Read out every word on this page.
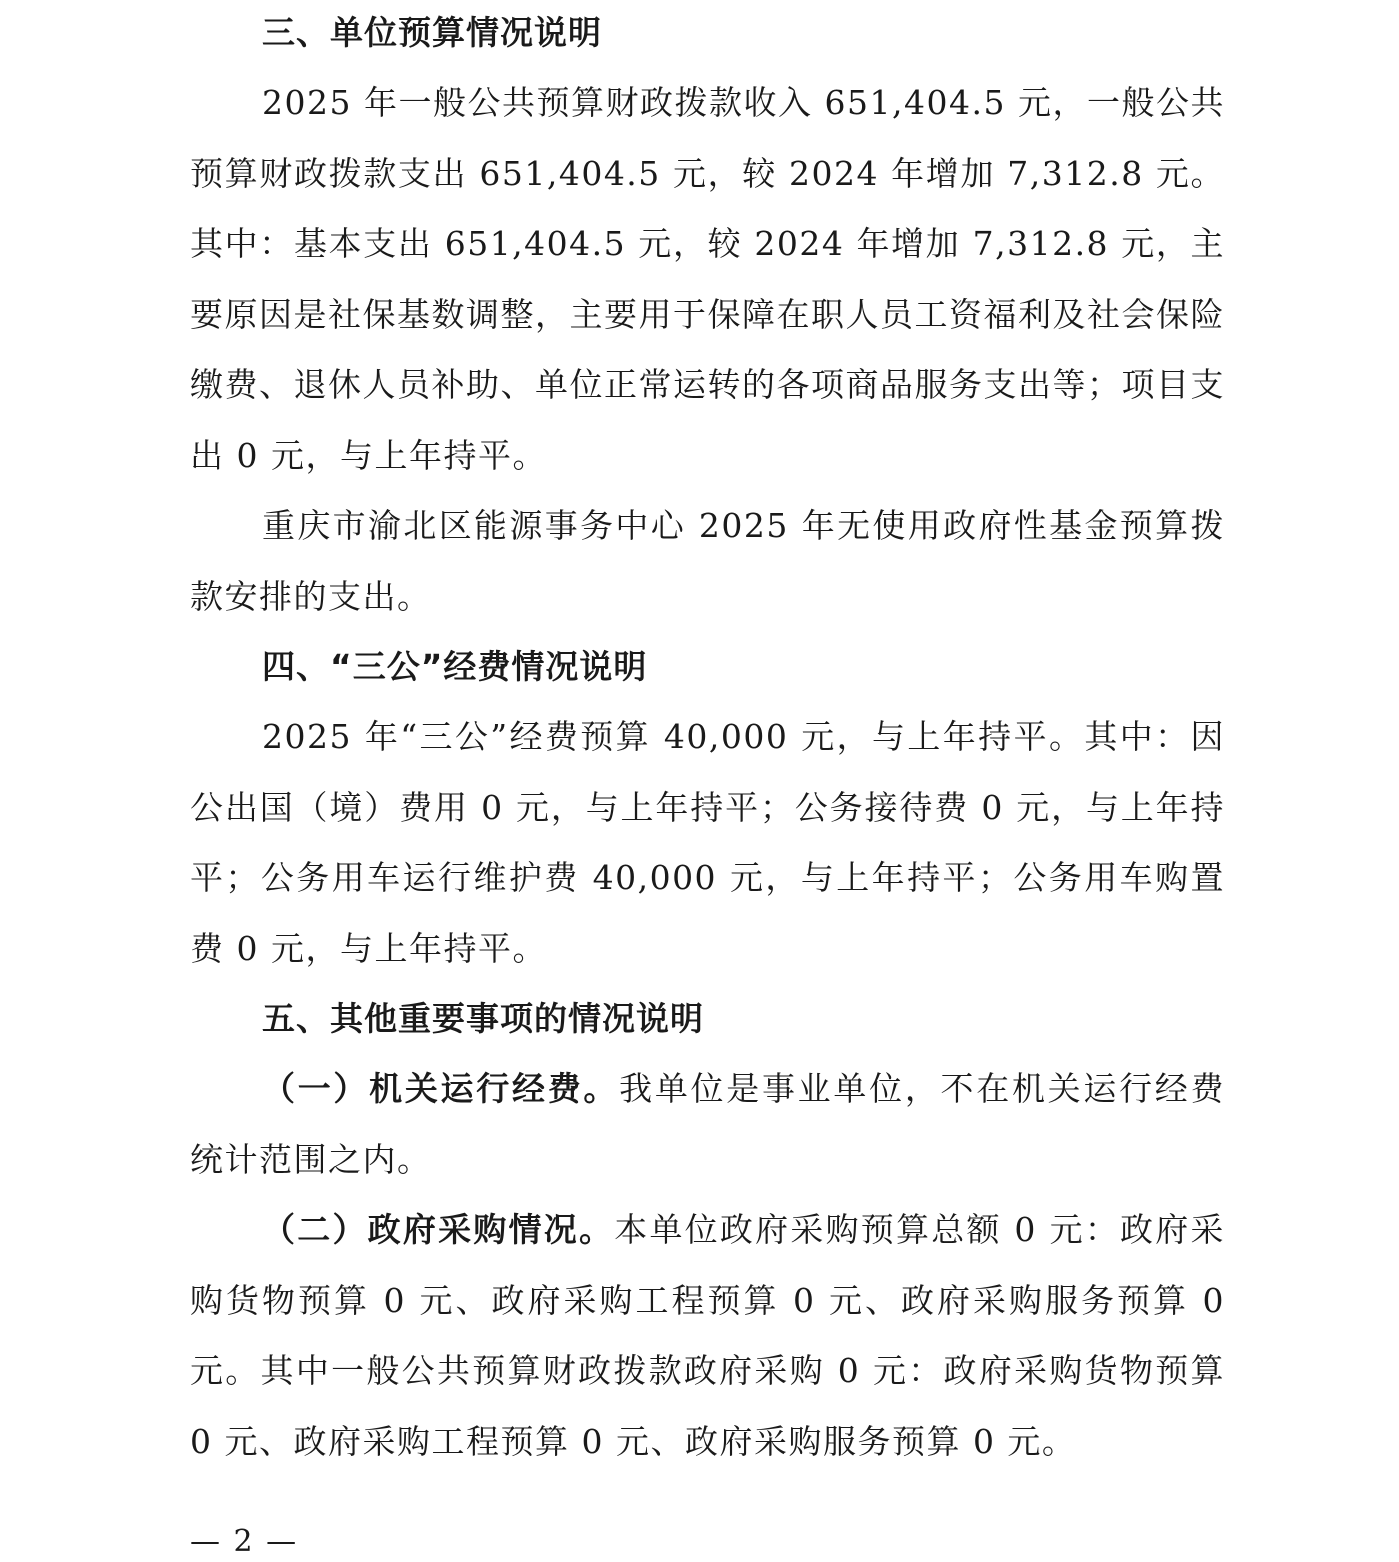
三、单位预算情况说明

2025 年一般公共预算财政拨款收入 651,404.5 元，一般公共预算财政拨款支出 651,404.5 元，较 2024 年增加 7,312.8 元。其中：基本支出 651,404.5 元，较 2024 年增加 7,312.8 元，主要原因是社保基数调整，主要用于保障在职人员工资福利及社会保险缴费、退休人员补助、单位正常运转的各项商品服务支出等；项目支出 0 元，与上年持平。

重庆市渝北区能源事务中心 2025 年无使用政府性基金预算拨款安排的支出。

四、“三公”经费情况说明

2025 年“三公”经费预算 40,000 元，与上年持平。其中：因公出国（境）费用 0 元，与上年持平；公务接待费 0 元，与上年持平；公务用车运行维护费 40,000 元，与上年持平；公务用车购置费 0 元，与上年持平。

五、其他重要事项的情况说明

（一）机关运行经费。我单位是事业单位，不在机关运行经费统计范围之内。

（二）政府采购情况。本单位政府采购预算总额 0 元：政府采购货物预算 0 元、政府采购工程预算 0 元、政府采购服务预算 0 元。其中一般公共预算财政拨款政府采购 0 元：政府采购货物预算 0 元、政府采购工程预算 0 元、政府采购服务预算 0 元。

— 2 —
